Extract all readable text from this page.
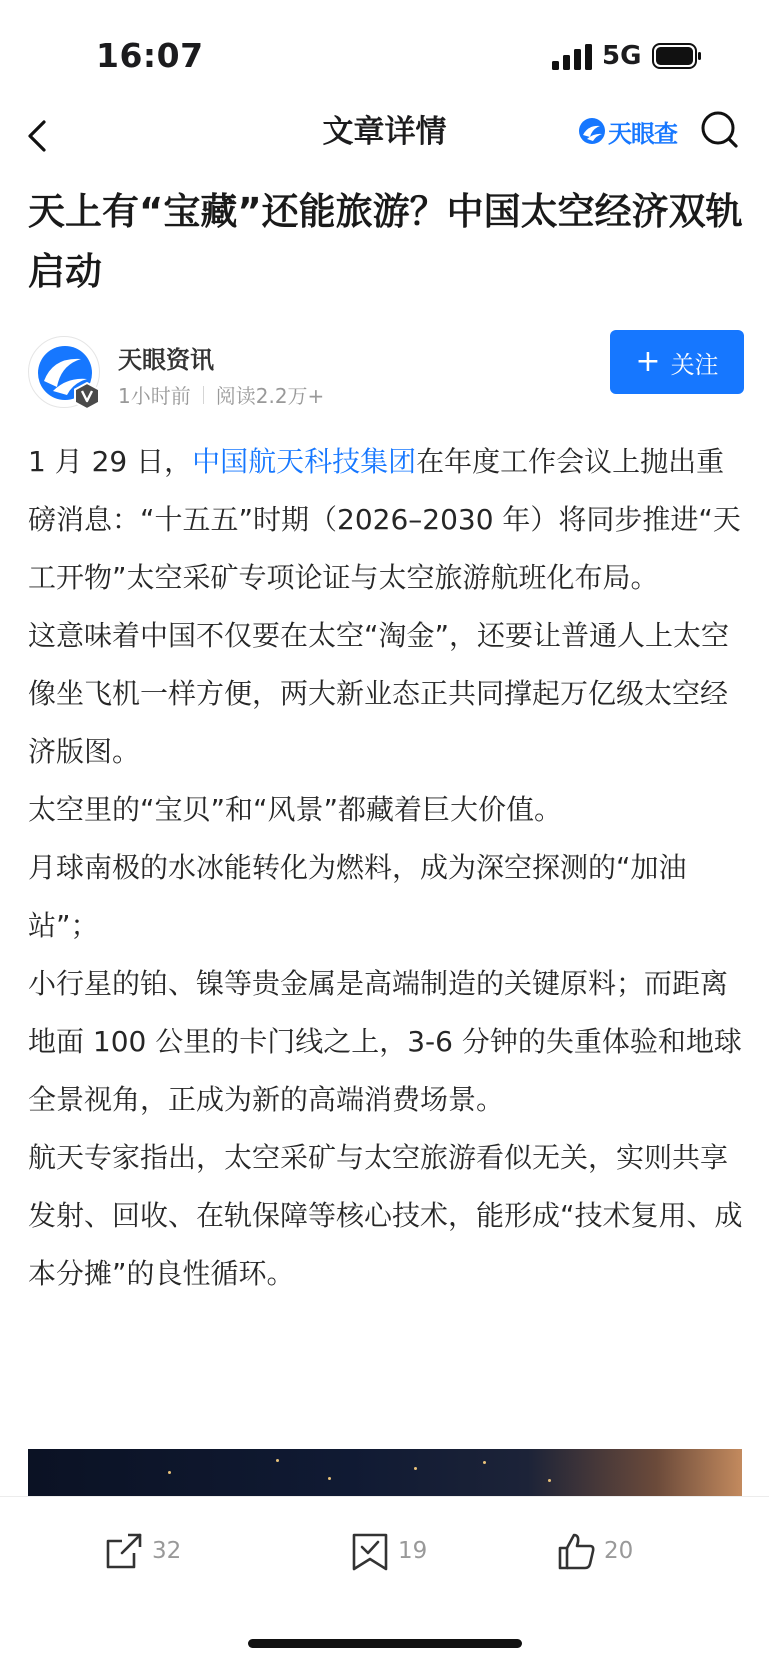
16:07	5G
文章详情	天眼查
天上有“宝藏”还能旅游？中国太空经济双轨启动
天眼资讯
1小时前 阅读2.2万+
+ 关注

1 月 29 日，中国航天科技集团在年度工作会议上抛出重磅消息：“十五五”时期（2026–2030 年）将同步推进“天工开物”太空采矿专项论证与太空旅游航班化布局。

这意味着中国不仅要在太空“淘金”，还要让普通人上太空像坐飞机一样方便，两大新业态正共同撑起万亿级太空经济版图。

太空里的“宝贝”和“风景”都藏着巨大价值。

月球南极的水冰能转化为燃料，成为深空探测的“加油站”；

小行星的铂、镍等贵金属是高端制造的关键原料；而距离地面 100 公里的卡门线之上，3-6 分钟的失重体验和地球全景视角，正成为新的高端消费场景。

航天专家指出，太空采矿与太空旅游看似无关，实则共享发射、回收、在轨保障等核心技术，能形成“技术复用、成本分摊”的良性循环。

32	19	20
